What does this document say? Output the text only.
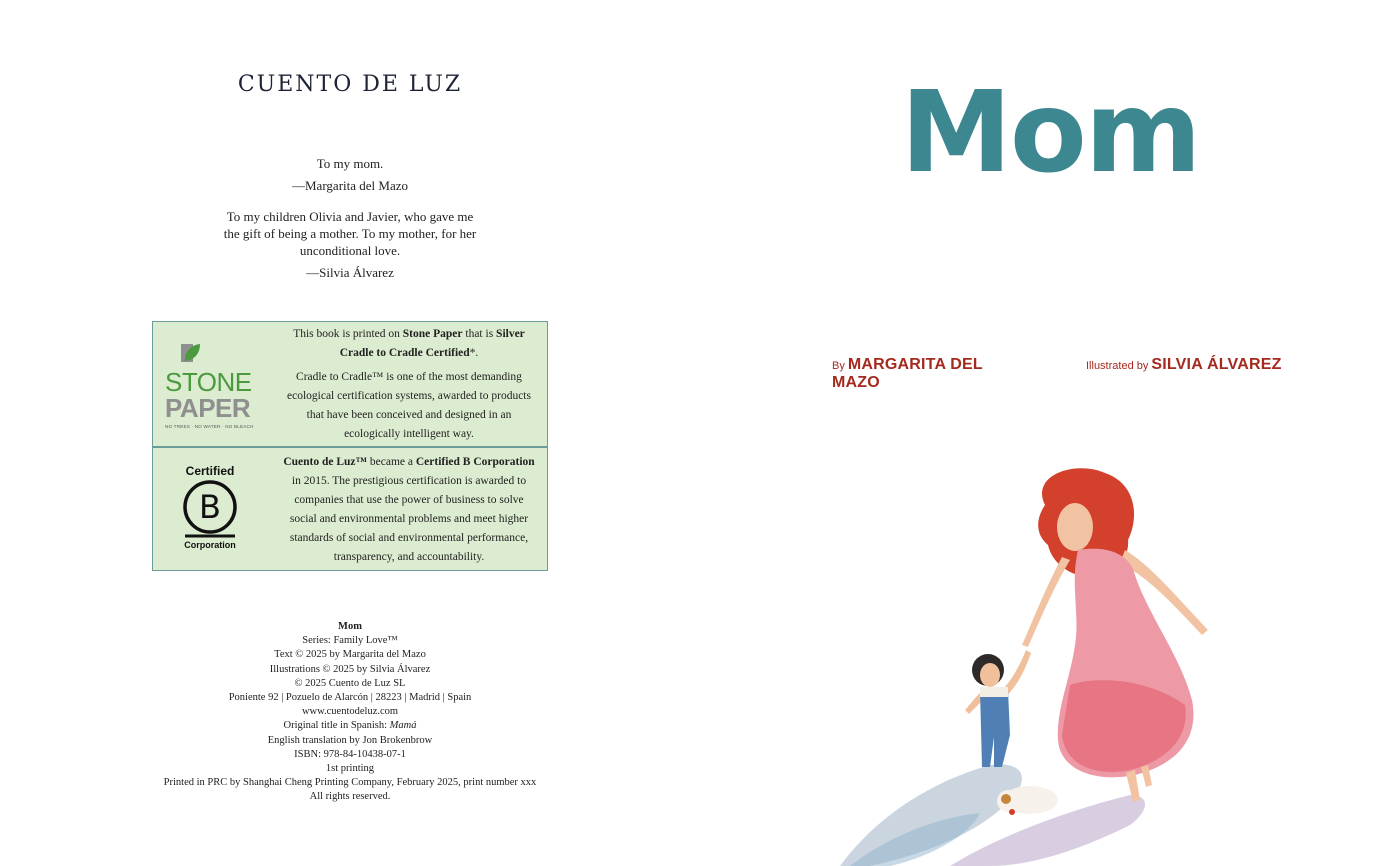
CUENTO DE LUZ
To my mom.
—Margarita del Mazo
To my children Olivia and Javier, who gave me
the gift of being a mother. To my mother, for her
unconditional love.
—Silvia Álvarez
STONE
PAPER
NO TREES · NO WATER · NO BLEACH
This book is printed on Stone Paper that is Silver
Cradle to Cradle Certified*.
Cradle to Cradle™ is one of the most demanding
ecological certification systems, awarded to products
that have been conceived and designed in an
ecologically intelligent way.
Certified
B
Corporation
Cuento de Luz™ became a Certified B Corporation
in 2015. The prestigious certification is awarded to
companies that use the power of business to solve
social and environmental problems and meet higher
standards of social and environmental performance,
transparency, and accountability.
Mom
Series: Family Love™
Text © 2025 by Margarita del Mazo
Illustrations © 2025 by Silvia Álvarez
© 2025 Cuento de Luz SL
Poniente 92 | Pozuelo de Alarcón | 28223 | Madrid | Spain
www.cuentodeluz.com
Original title in Spanish: Mamá
English translation by Jon Brokenbrow
ISBN: 978-84-10438-07-1
1st printing
Printed in PRC by Shanghai Cheng Printing Company, February 2025, print number xxx
All rights reserved.
Mom
By MARGARITA DEL MAZO
Illustrated by SILVIA ÁLVAREZ
